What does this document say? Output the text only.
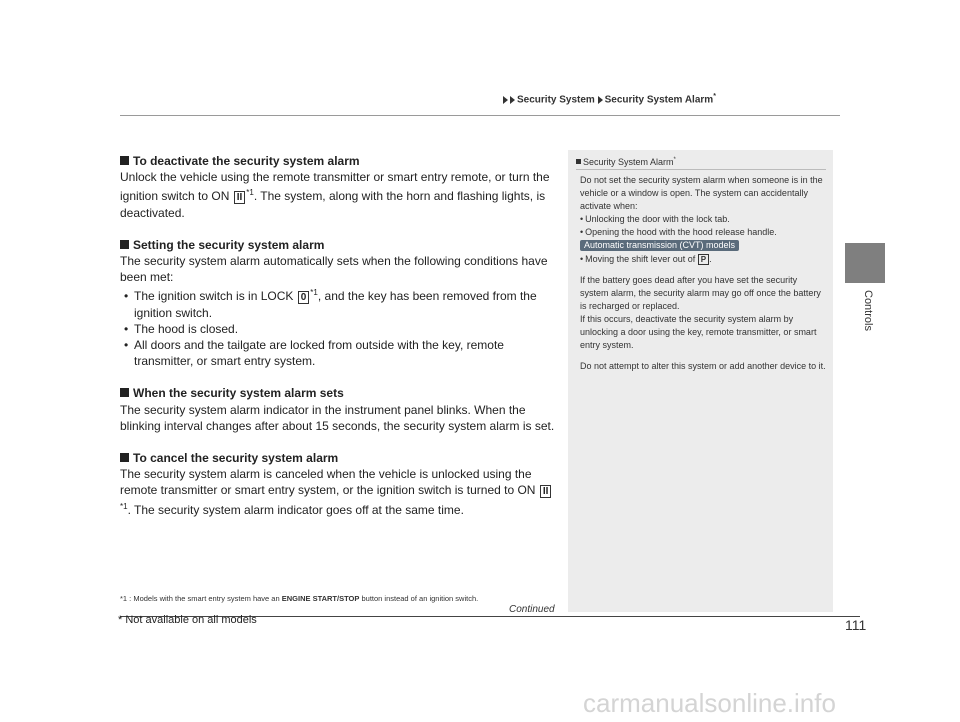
Security System Security System Alarm*
Controls
To deactivate the security system alarm

Unlock the vehicle using the remote transmitter or smart entry remote, or turn the ignition switch to ON II $^{*1}$. The system, along with the horn and flashing lights, is deactivated.

Setting the security system alarm

The security system alarm automatically sets when the following conditions have been met:

• The ignition switch is in LOCK 0 $^{*1}$, and the key has been removed from the ignition switch.
• The hood is closed.
• All doors and the tailgate are locked from outside with the key, remote transmitter, or smart entry system.
When the security system alarm sets

The security system alarm indicator in the instrument panel blinks. When the blinking interval changes after about 15 seconds, the security system alarm is set.

To cancel the security system alarm

The security system alarm is canceled when the vehicle is unlocked using the remote transmitter or smart entry system, or the ignition switch is turned to ON II$^{*1}$. The security system alarm indicator goes off at the same time.

*1 : Models with the smart entry system have an ENGINE START/STOP button instead of an ignition switch.
Security System Alarm*

Do not set the security system alarm when someone is in the vehicle or a window is open. The system can accidentally activate when:

• Unlocking the door with the lock tab.
• Opening the hood with the hood release handle.
Automatic transmission (CVT) models
• Moving the shift lever out of P .

If the battery goes dead after you have set the security system alarm, the security alarm may go off once the battery is recharged or replaced.

If this occurs, deactivate the security system alarm by unlocking a door using the key, remote transmitter, or smart entry system.

Do not attempt to alter this system or add another device to it.

Continued
111
* Not available on all models
carmanualsonline.info
